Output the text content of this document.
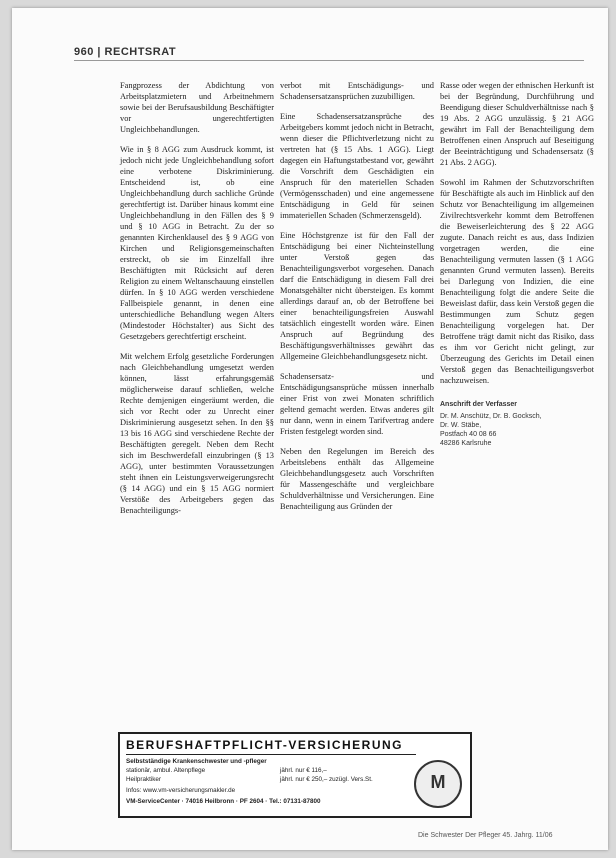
960 | RECHTSRAT

Fangprozess der Abdichtung von Arbeitsplatzmietern und Arbeitnehmern sowie bei der Berufsausbildung Beschäftigter vor ungerechtfertigten Ungleichbehandlungen.

Wie in § 8 AGG zum Ausdruck kommt, ist jedoch nicht jede Ungleichbehandlung sofort eine verbotene Diskriminierung. Entscheidend ist, ob eine Ungleichbehandlung durch sachliche Gründe gerechtfertigt ist. Darüber hinaus kommt eine Ungleichbehandlung in den Fällen des § 9 und § 10 AGG in Betracht. Zu der so genannten Kirchenklausel des § 9 AGG von Kirchen und Religionsgemeinschaften erstreckt, ob sie im Einzelfall ihre Beschäftigten mit Rücksicht auf deren Religion zu einem Weltanschauung einstellen dürfen. In § 10 AGG werden verschiedene Fallbeispiele genannt, in denen eine unterschiedliche Behandlung wegen Alters (Mindestoder Höchstalter) aus Sicht des Gesetzgebers gerechtfertigt erscheint.

Mit welchem Erfolg gesetzliche Forderungen nach Gleichbehandlung umgesetzt werden können, lässt erfahrungsgemäß möglicherweise darauf schließen, welche Rechte demjenigen eingeräumt werden, die sich vor Recht oder zu Unrecht einer Diskriminierung ausgesetzt sehen. In den §§ 13 bis 16 AGG sind verschiedene Rechte der Beschäftigten geregelt. Neben dem Recht sich im Beschwerdefall einzubringen (§ 13 AGG), unter bestimmten Voraussetzungen steht ihnen ein Leistungsverweigerungsrecht (§ 14 AGG) und ein § 15 AGG normiert Verstöße des Arbeitgebers gegen das Benachteiligungs-

verbot mit Entschädigungs- und Schadensersatzansprüchen zuzubilligen.

Eine Schadensersatzansprüche des Arbeitgebers kommt jedoch nicht in Betracht, wenn dieser die Pflichtverletzung nicht zu vertreten hat (§ 15 Abs. 1 AGG). Liegt dagegen ein Haftungstatbestand vor, gewährt die Vorschrift dem Geschädigten ein Anspruch für den materiellen Schaden (Vermögensschaden) und eine angemessene Entschädigung in Geld für seinen immateriellen Schaden (Schmerzensgeld).

Eine Höchstgrenze ist für den Fall der Entschädigung bei einer Nichteinstellung unter Verstoß gegen das Benachteiligungsverbot vorgesehen. Danach darf die Entschädigung in diesem Fall drei Monatsgehälter nicht übersteigen. Es kommt allerdings darauf an, ob der Betroffene bei einer benachteiligungsfreien Auswahl tatsächlich eingestellt worden wäre. Einen Anspruch auf Begründung des Beschäftigungsverhältnisses gewährt das Allgemeine Gleichbehandlungsgesetz nicht.

Schadensersatz- und Entschädigungsansprüche müssen innerhalb einer Frist von zwei Monaten schriftlich geltend gemacht werden. Etwas anderes gilt nur dann, wenn in einem Tarifvertrag andere Fristen festgelegt worden sind.

Neben den Regelungen im Bereich des Arbeitslebens enthält das Allgemeine Gleichbehandlungsgesetz auch Vorschriften für Massengeschäfte und vergleichbare Schuldverhältnisse und Versicherungen. Eine Benachteiligung aus Gründen der

Rasse oder wegen der ethnischen Herkunft ist bei der Begründung, Durchführung und Beendigung dieser Schuldverhältnisse nach § 19 Abs. 2 AGG unzulässig. § 21 AGG gewährt im Fall der Benachteiligung dem Betroffenen einen Anspruch auf Beseitigung der Beeinträchtigung und Schadensersatz (§ 21 Abs. 2 AGG).

Sowohl im Rahmen der Schutzvorschriften für Beschäftigte als auch im Hinblick auf den Schutz vor Benachteiligung im allgemeinen Zivilrechtsverkehr kommt dem Betroffenen die Beweiserleichterung des § 22 AGG zugute. Danach reicht es aus, dass Indizien vorgetragen werden, die eine Benachteiligung vermuten lassen (§ 1 AGG genannten Grund vermuten lassen). Bereits bei Darlegung von Indizien, die eine Benachteiligung folgt die andere Seite die Beweislast dafür, dass kein Verstoß gegen die Bestimmungen zum Schutz gegen Benachteiligung vorgelegen hat. Der Betroffene trägt damit nicht das Risiko, dass es ihm vor Gericht nicht gelingt, zur Überzeugung des Gerichts im Detail einen Verstoß gegen das Benachteiligungsverbot nachzuweisen.

Anschrift der Verfasser
Dr. M. Anschütz, Dr. B. Gocksch,
Dr. W. Stäbe,
Postfach 40 08 66
48286 Karlsruhe
BERUFSHAFTPFLICHT-VERSICHERUNG
Selbstständige Krankenschwester und -pfleger
stationär, ambul. Altenpflege	jährl. nur € 116,–
Heilpraktiker	jährl. nur € 250,– zuzügl. Vers.St.
Infos: www.vm-versicherungsmakler.de
VM-ServiceCenter · 74016 Heilbronn · PF 2604 · Tel.: 07131-87800
M
Die Schwester Der Pfleger 45. Jahrg. 11/06
